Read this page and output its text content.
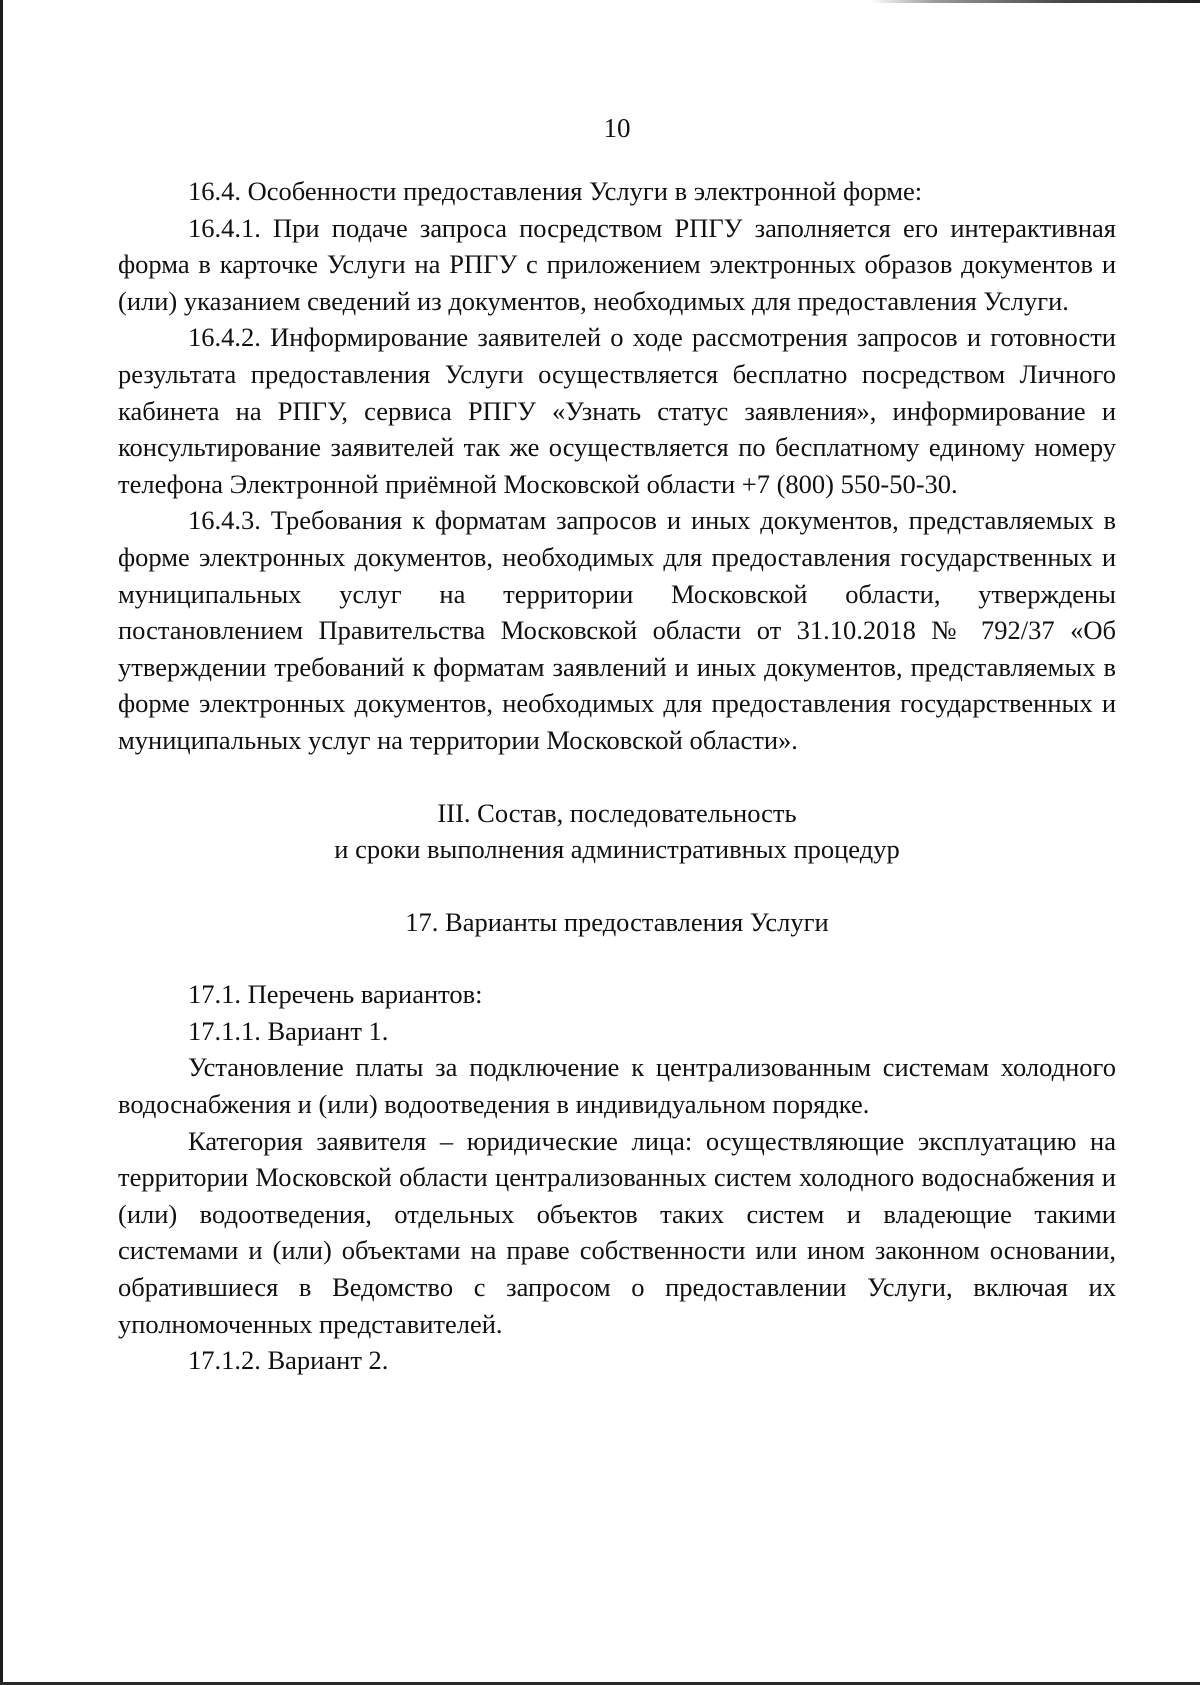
10

16.4. Особенности предоставления Услуги в электронной форме:

16.4.1. При подаче запроса посредством РПГУ заполняется его интерактивная форма в карточке Услуги на РПГУ с приложением электронных образов документов и (или) указанием сведений из документов, необходимых для предоставления Услуги.

16.4.2. Информирование заявителей о ходе рассмотрения запросов и готовности результата предоставления Услуги осуществляется бесплатно посредством Личного кабинета на РПГУ, сервиса РПГУ «Узнать статус заявления», информирование и консультирование заявителей так же осуществляется по бесплатному единому номеру телефона Электронной приёмной Московской области +7 (800) 550-50-30.

16.4.3. Требования к форматам запросов и иных документов, представляемых в форме электронных документов, необходимых для предоставления государственных и муниципальных услуг на территории Московской области, утверждены постановлением Правительства Московской области от 31.10.2018 № 792/37 «Об утверждении требований к форматам заявлений и иных документов, представляемых в форме электронных документов, необходимых для предоставления государственных и муниципальных услуг на территории Московской области».

III. Состав, последовательность

и сроки выполнения административных процедур

17. Варианты предоставления Услуги

17.1. Перечень вариантов:

17.1.1. Вариант 1.

Установление платы за подключение к централизованным системам холодного водоснабжения и (или) водоотведения в индивидуальном порядке.

Категория заявителя – юридические лица: осуществляющие эксплуатацию на территории Московской области централизованных систем холодного водоснабжения и (или) водоотведения, отдельных объектов таких систем и владеющие такими системами и (или) объектами на праве собственности или ином законном основании, обратившиеся в Ведомство с запросом о предоставлении Услуги, включая их уполномоченных представителей.

17.1.2. Вариант 2.
